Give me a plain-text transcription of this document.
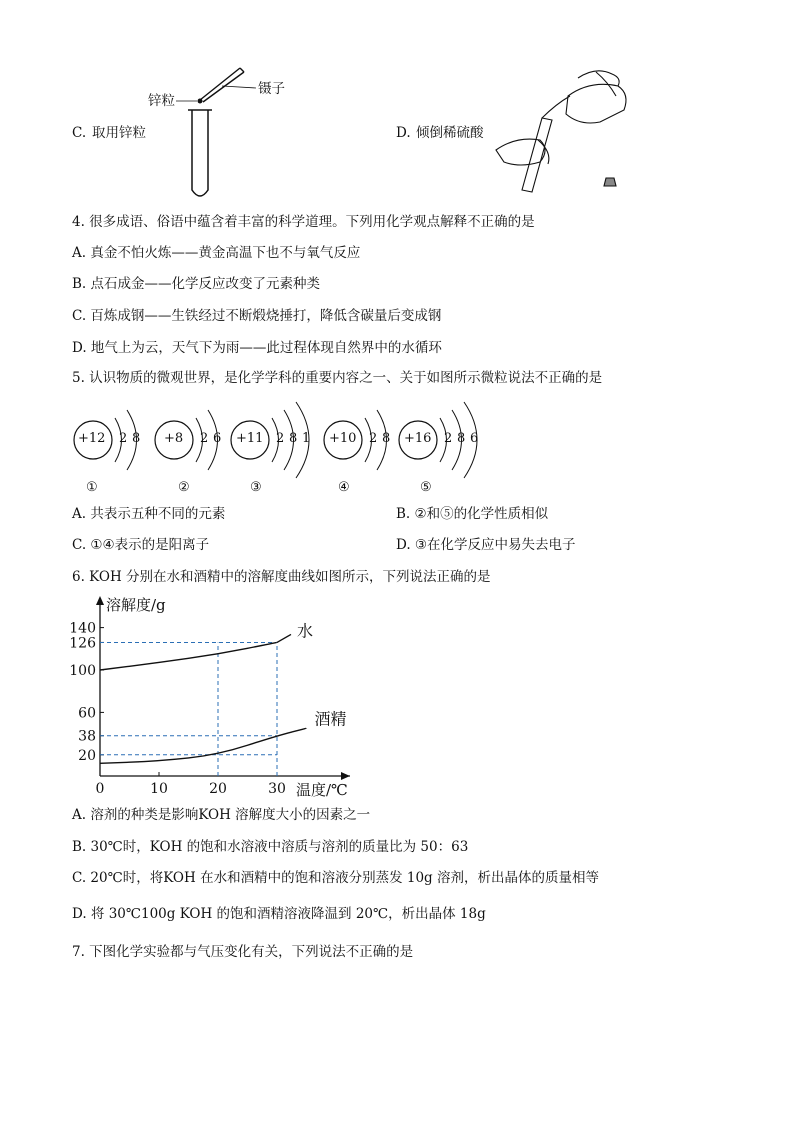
锌粒
镊子
C. 取用锌粒	D. 倾倒稀硫酸
4. 很多成语、俗语中蕴含着丰富的科学道理。下列用化学观点解释不正确的是
A. 真金不怕火炼——黄金高温下也不与氧气反应
B. 点石成金——化学反应改变了元素种类
C. 百炼成钢——生铁经过不断煅烧捶打，降低含碳量后变成钢
D. 地气上为云，天气下为雨——此过程体现自然界中的水循环
5. 认识物质的微观世界，是化学学科的重要内容之一、关于如图所示微粒说法不正确的是
+12 2 8
①
+8 2 6
②
+11 2 8 1
③
+10 2 8
④
+16 2 8 6
⑤
A. 共表示五种不同的元素	B. ②和⑤的化学性质相似
C. ①④表示的是阳离子	D. ③在化学反应中易失去电子
6. KOH 分别在水和酒精中的溶解度曲线如图所示，下列说法正确的是
溶解度/g
温度/℃
0	10	20	30
20
38
60
100
126
140	水
酒精
A. 溶剂的种类是影响KOH 溶解度大小的因素之一
B. 30℃时，KOH 的饱和水溶液中溶质与溶剂的质量比为 50：63
C. 20℃时，将KOH 在水和酒精中的饱和溶液分别蒸发 10g 溶剂，析出晶体的质量相等
D. 将 30℃100g KOH 的饱和酒精溶液降温到 20℃，析出晶体 18g
7. 下图化学实验都与气压变化有关，下列说法不正确的是
